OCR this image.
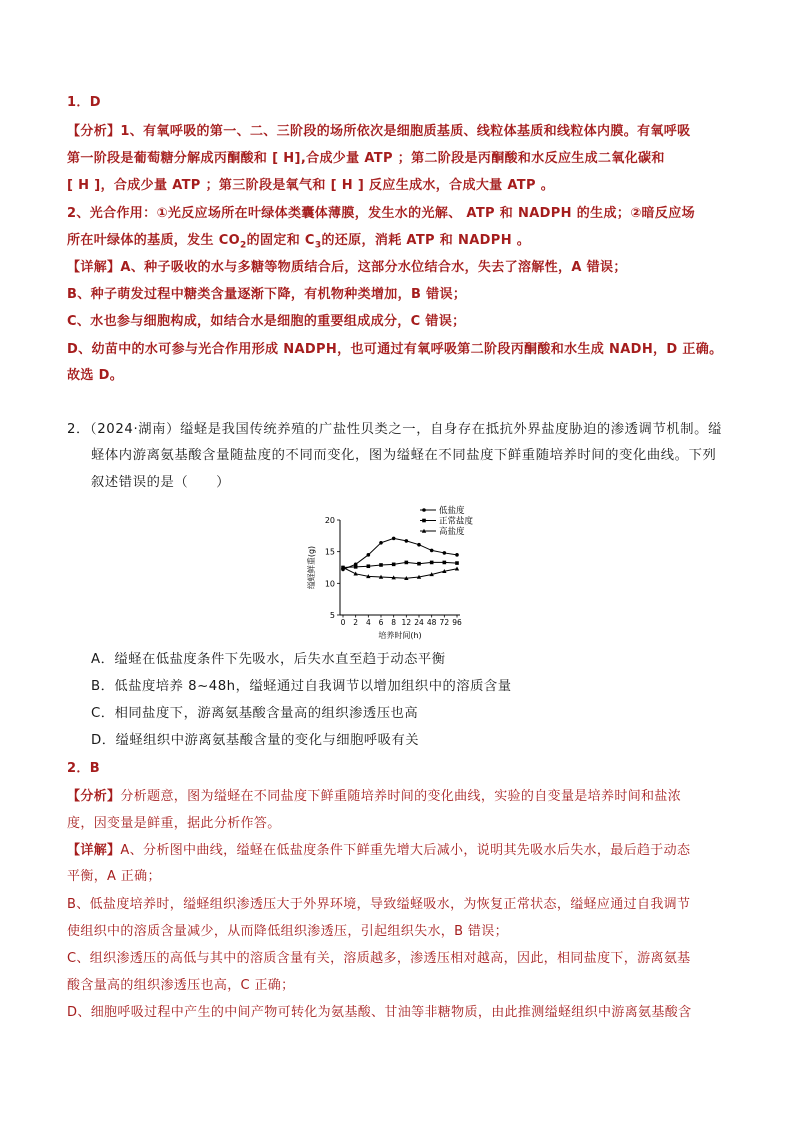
1．D
【分析】1、有氧呼吸的第一、二、三阶段的场所依次是细胞质基质、线粒体基质和线粒体内膜。有氧呼吸
第一阶段是葡萄糖分解成丙酮酸和 [ H],合成少量 ATP ；第二阶段是丙酮酸和水反应生成二氧化碳和
[ H ]，合成少量 ATP ；第三阶段是氧气和 [ H ] 反应生成水，合成大量 ATP 。
2、光合作用：①光反应场所在叶绿体类囊体薄膜，发生水的光解、 ATP 和 NADPH 的生成；②暗反应场
所在叶绿体的基质，发生 $CO_2$的固定和 $C_3$的还原，消耗 ATP 和 NADPH 。
【详解】A、种子吸收的水与多糖等物质结合后，这部分水位结合水，失去了溶解性，A 错误；
B、种子萌发过程中糖类含量逐渐下降，有机物种类增加，B 错误；
C、水也参与细胞构成，如结合水是细胞的重要组成成分，C 错误；
D、幼苗中的水可参与光合作用形成 NADPH，也可通过有氧呼吸第二阶段丙酮酸和水生成 NADH，D 正确。
故选 D。
2．（2024·湖南）缢蛏是我国传统养殖的广盐性贝类之一，自身存在抵抗外界盐度胁迫的渗透调节机制。缢
蛏体内游离氨基酸含量随盐度的不同而变化，图为缢蛏在不同盐度下鲜重随培养时间的变化曲线。下列
叙述错误的是（　　）
5
10
15
20
0 2 4 6 8 12 24 48 72 96
缢蛏鲜重(g)
培养时间(h)
低盐度
正常盐度
高盐度
A．缢蛏在低盐度条件下先吸水，后失水直至趋于动态平衡
B．低盐度培养 8~48h，缢蛏通过自我调节以增加组织中的溶质含量
C．相同盐度下，游离氨基酸含量高的组织渗透压也高
D．缢蛏组织中游离氨基酸含量的变化与细胞呼吸有关
2．B
【分析】分析题意，图为缢蛏在不同盐度下鲜重随培养时间的变化曲线，实验的自变量是培养时间和盐浓
度，因变量是鲜重，据此分析作答。
【详解】A、分析图中曲线，缢蛏在低盐度条件下鲜重先增大后减小，说明其先吸水后失水，最后趋于动态
平衡，A 正确；
B、低盐度培养时，缢蛏组织渗透压大于外界环境，导致缢蛏吸水，为恢复正常状态，缢蛏应通过自我调节
使组织中的溶质含量减少，从而降低组织渗透压，引起组织失水，B 错误；
C、组织渗透压的高低与其中的溶质含量有关，溶质越多，渗透压相对越高，因此，相同盐度下，游离氨基
酸含量高的组织渗透压也高，C 正确；
D、细胞呼吸过程中产生的中间产物可转化为氨基酸、甘油等非糖物质，由此推测缢蛏组织中游离氨基酸含
